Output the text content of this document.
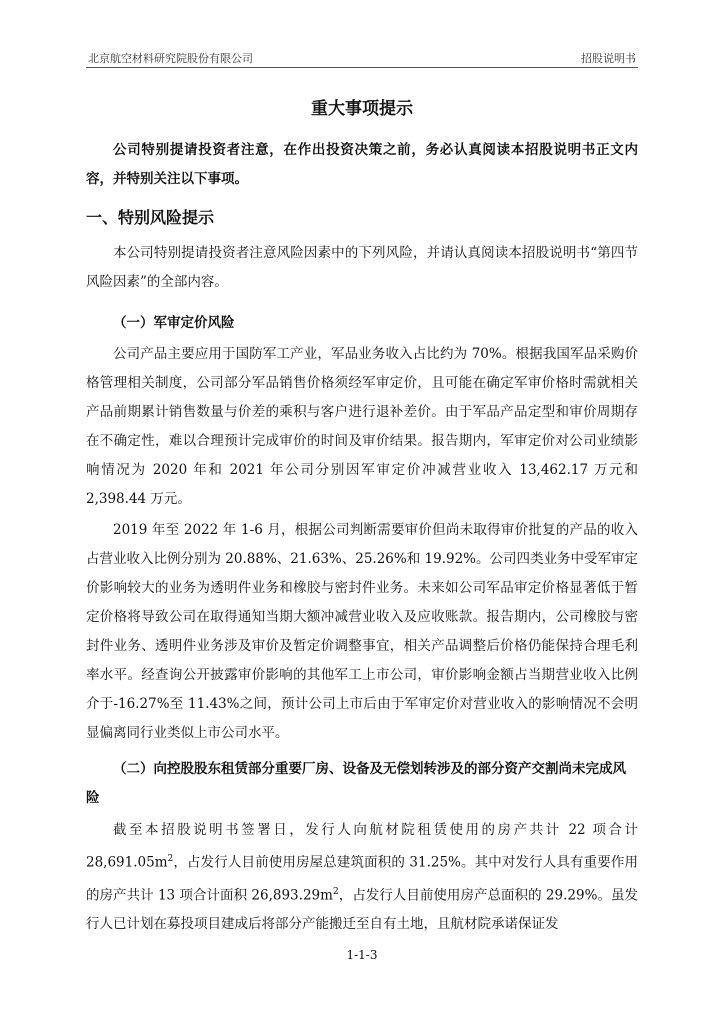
北京航空材料研究院股份有限公司	招股说明书
重大事项提示
公司特别提请投资者注意，在作出投资决策之前，务必认真阅读本招股说明书正文内容，并特别关注以下事项。
一、特别风险提示
本公司特别提请投资者注意风险因素中的下列风险，并请认真阅读本招股说明书“第四节 风险因素”的全部内容。
（一）军审定价风险
公司产品主要应用于国防军工产业，军品业务收入占比约为 70%。根据我国军品采购价格管理相关制度，公司部分军品销售价格须经军审定价，且可能在确定军审价格时需就相关产品前期累计销售数量与价差的乘积与客户进行退补差价。由于军品产品定型和审价周期存在不确定性，难以合理预计完成审价的时间及审价结果。报告期内，军审定价对公司业绩影响情况为 2020 年和 2021 年公司分别因军审定价冲减营业收入 13,462.17 万元和 2,398.44 万元。
2019 年至 2022 年 1-6 月，根据公司判断需要审价但尚未取得审价批复的产品的收入占营业收入比例分别为 20.88%、21.63%、25.26%和 19.92%。公司四类业务中受军审定价影响较大的业务为透明件业务和橡胶与密封件业务。未来如公司军品审定价格显著低于暂定价格将导致公司在取得通知当期大额冲减营业收入及应收账款。报告期内，公司橡胶与密封件业务、透明件业务涉及审价及暂定价调整事宜，相关产品调整后价格仍能保持合理毛利率水平。经查询公开披露审价影响的其他军工上市公司，审价影响金额占当期营业收入比例介于-16.27%至 11.43%之间，预计公司上市后由于军审定价对营业收入的影响情况不会明显偏离同行业类似上市公司水平。
（二）向控股股东租赁部分重要厂房、设备及无偿划转涉及的部分资产交割尚未完成风险
截至本招股说明书签署日，发行人向航材院租赁使用的房产共计 22 项合计 $28,691.05m^2$，占发行人目前使用房屋总建筑面积的 31.25%。其中对发行人具有重要作用的房产共计 13 项合计面积 $26,893.29m^2$，占发行人目前使用房产总面积的 29.29%。虽发行人已计划在募投项目建成后将部分产能搬迁至自有土地，且航材院承诺保证发
1-1-3
